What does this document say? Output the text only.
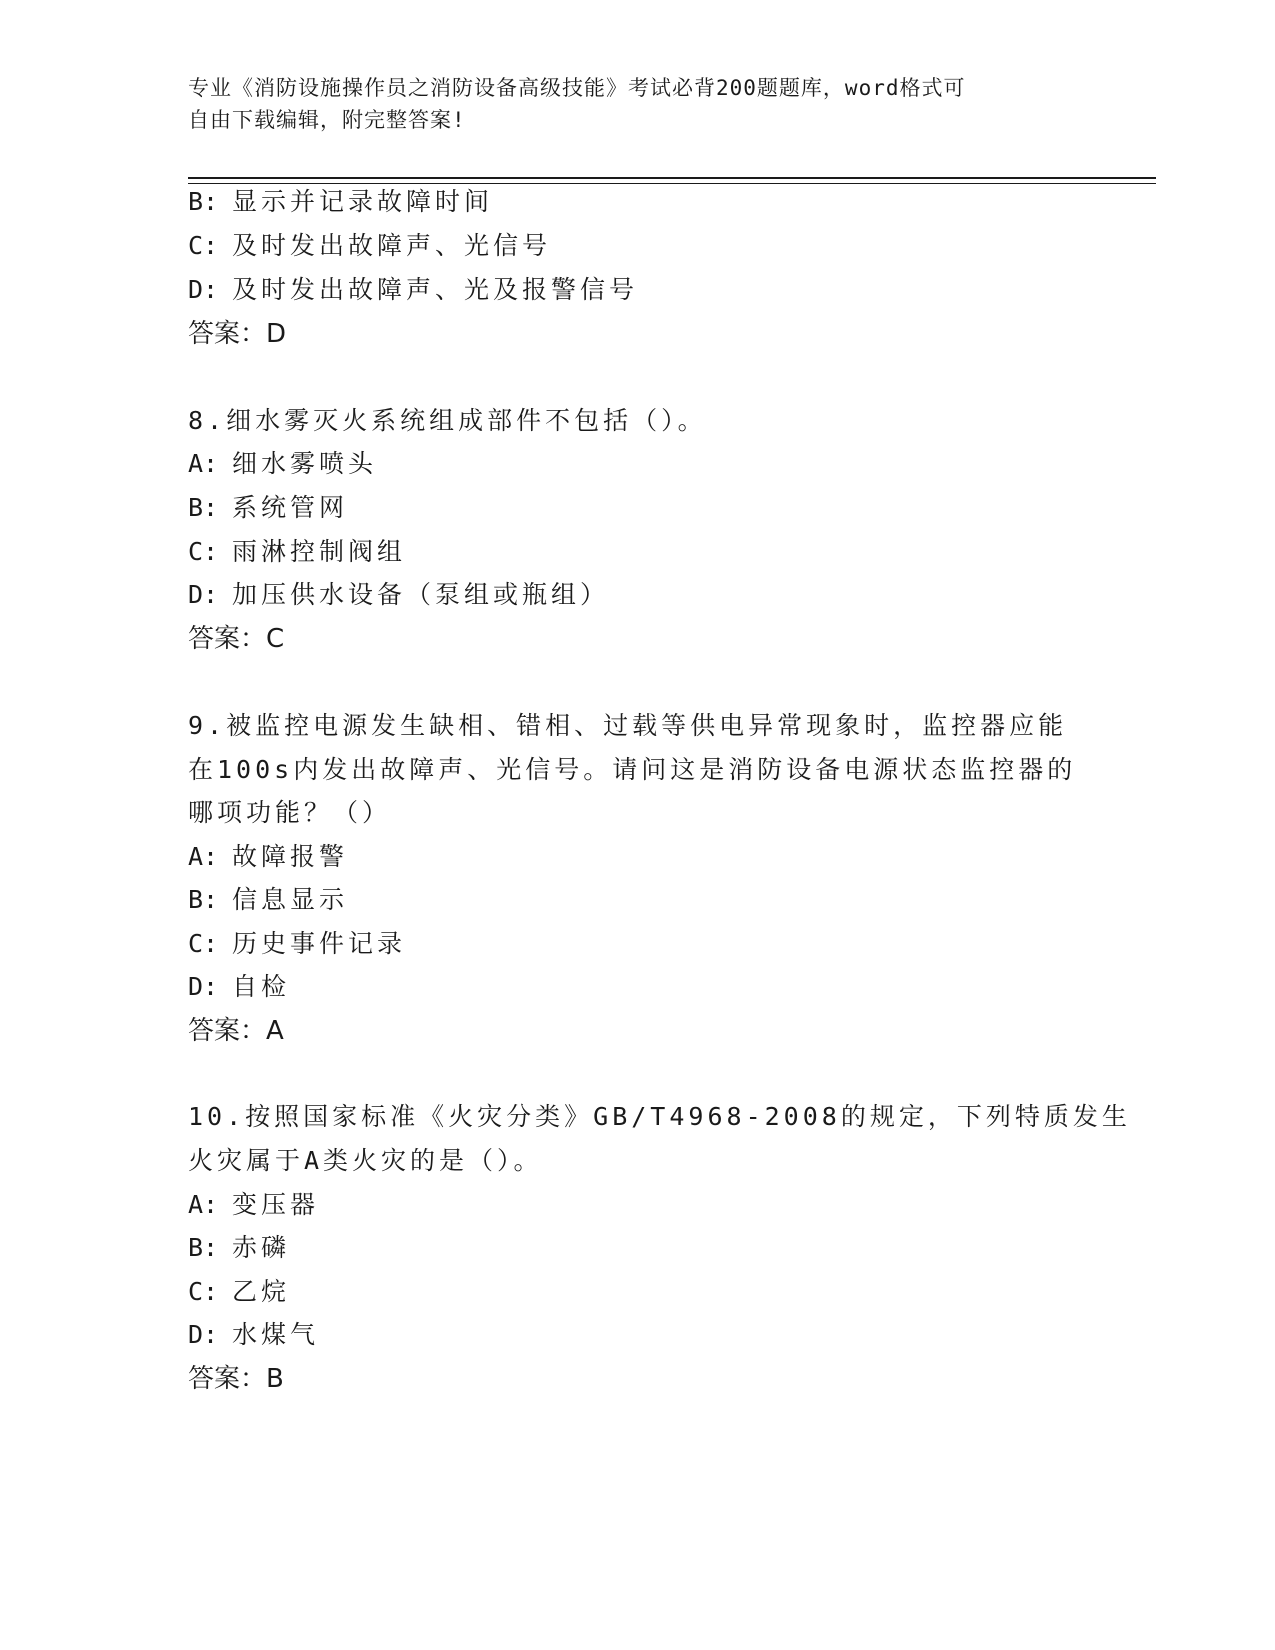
专业《消防设施操作员之消防设备高级技能》考试必背200题题库，word格式可
自由下载编辑，附完整答案!
B: 显示并记录故障时间
C: 及时发出故障声、光信号
D: 及时发出故障声、光及报警信号
答案：D
8.细水雾灭火系统组成部件不包括（）。
A: 细水雾喷头
B: 系统管网
C: 雨淋控制阀组
D: 加压供水设备（泵组或瓶组）
答案：C
9.被监控电源发生缺相、错相、过载等供电异常现象时，监控器应能
在100s内发出故障声、光信号。请问这是消防设备电源状态监控器的
哪项功能？（）
A: 故障报警
B: 信息显示
C: 历史事件记录
D: 自检
答案：A
10.按照国家标准《火灾分类》GB/T4968-2008的规定，下列特质发生
火灾属于A类火灾的是（）。
A: 变压器
B: 赤磷
C: 乙烷
D: 水煤气
答案：B
